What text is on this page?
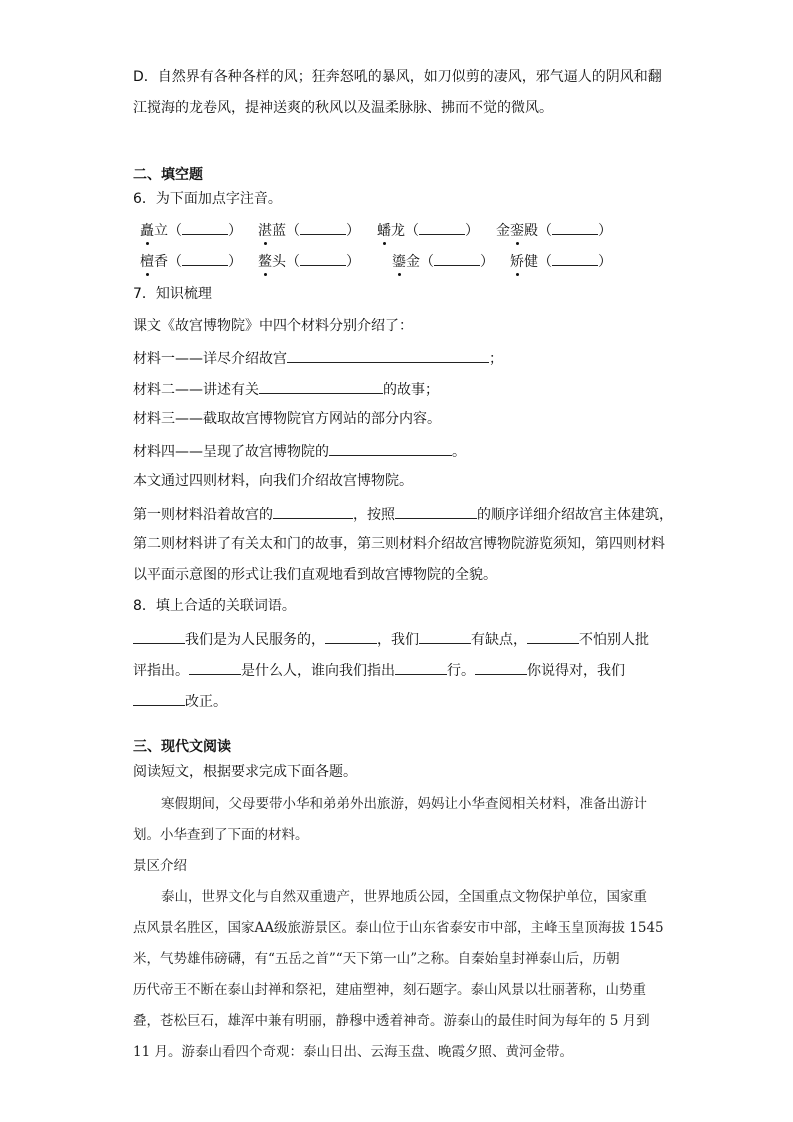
D．自然界有各种各样的风；狂奔怒吼的暴风，如刀似剪的凄风，邪气逼人的阴风和翻
江搅海的龙卷风，提神送爽的秋风以及温柔脉脉、拂而不觉的微风。
二、填空题
6．为下面加点字注音。
矗立（	） 湛蓝（	） 蟠龙（	） 金銮殿（	）
檀香（	） 鳌头（	） 鎏金（	） 矫健（	）
7．知识梳理
课文《故宫博物院》中四个材料分别介绍了：
材料一——详尽介绍故宫	；
材料二——讲述有关	的故事；
材料三——截取故宫博物院官方网站的部分内容。
材料四——呈现了故宫博物院的	。
本文通过四则材料，向我们介绍故宫博物院。
第一则材料沿着故宫的	，按照	的顺序详细介绍故宫主体建筑，
第二则材料讲了有关太和门的故事，第三则材料介绍故宫博物院游览须知，第四则材料
以平面示意图的形式让我们直观地看到故宫博物院的全貌。
8．填上合适的关联词语。
我们是为人民服务的，	，我们	有缺点，	不怕别人批
评指出。	是什么人，谁向我们指出	行。	你说得对，我们
改正。
三、现代文阅读
阅读短文，根据要求完成下面各题。
寒假期间，父母要带小华和弟弟外出旅游，妈妈让小华查阅相关材料，准备出游计
划。小华查到了下面的材料。
景区介绍
泰山，世界文化与自然双重遗产，世界地质公园，全国重点文物保护单位，国家重
点风景名胜区，国家AA级旅游景区。泰山位于山东省泰安市中部，主峰玉皇顶海拔 1545
米，气势雄伟磅礴，有“五岳之首”“天下第一山”之称。自秦始皇封禅泰山后，历朝
历代帝王不断在泰山封禅和祭祀，建庙塑神，刻石题字。泰山风景以壮丽著称，山势重
叠，苍松巨石，雄浑中兼有明丽，静穆中透着神奇。游泰山的最佳时间为每年的 5 月到
11 月。游泰山看四个奇观：泰山日出、云海玉盘、晚霞夕照、黄河金带。
